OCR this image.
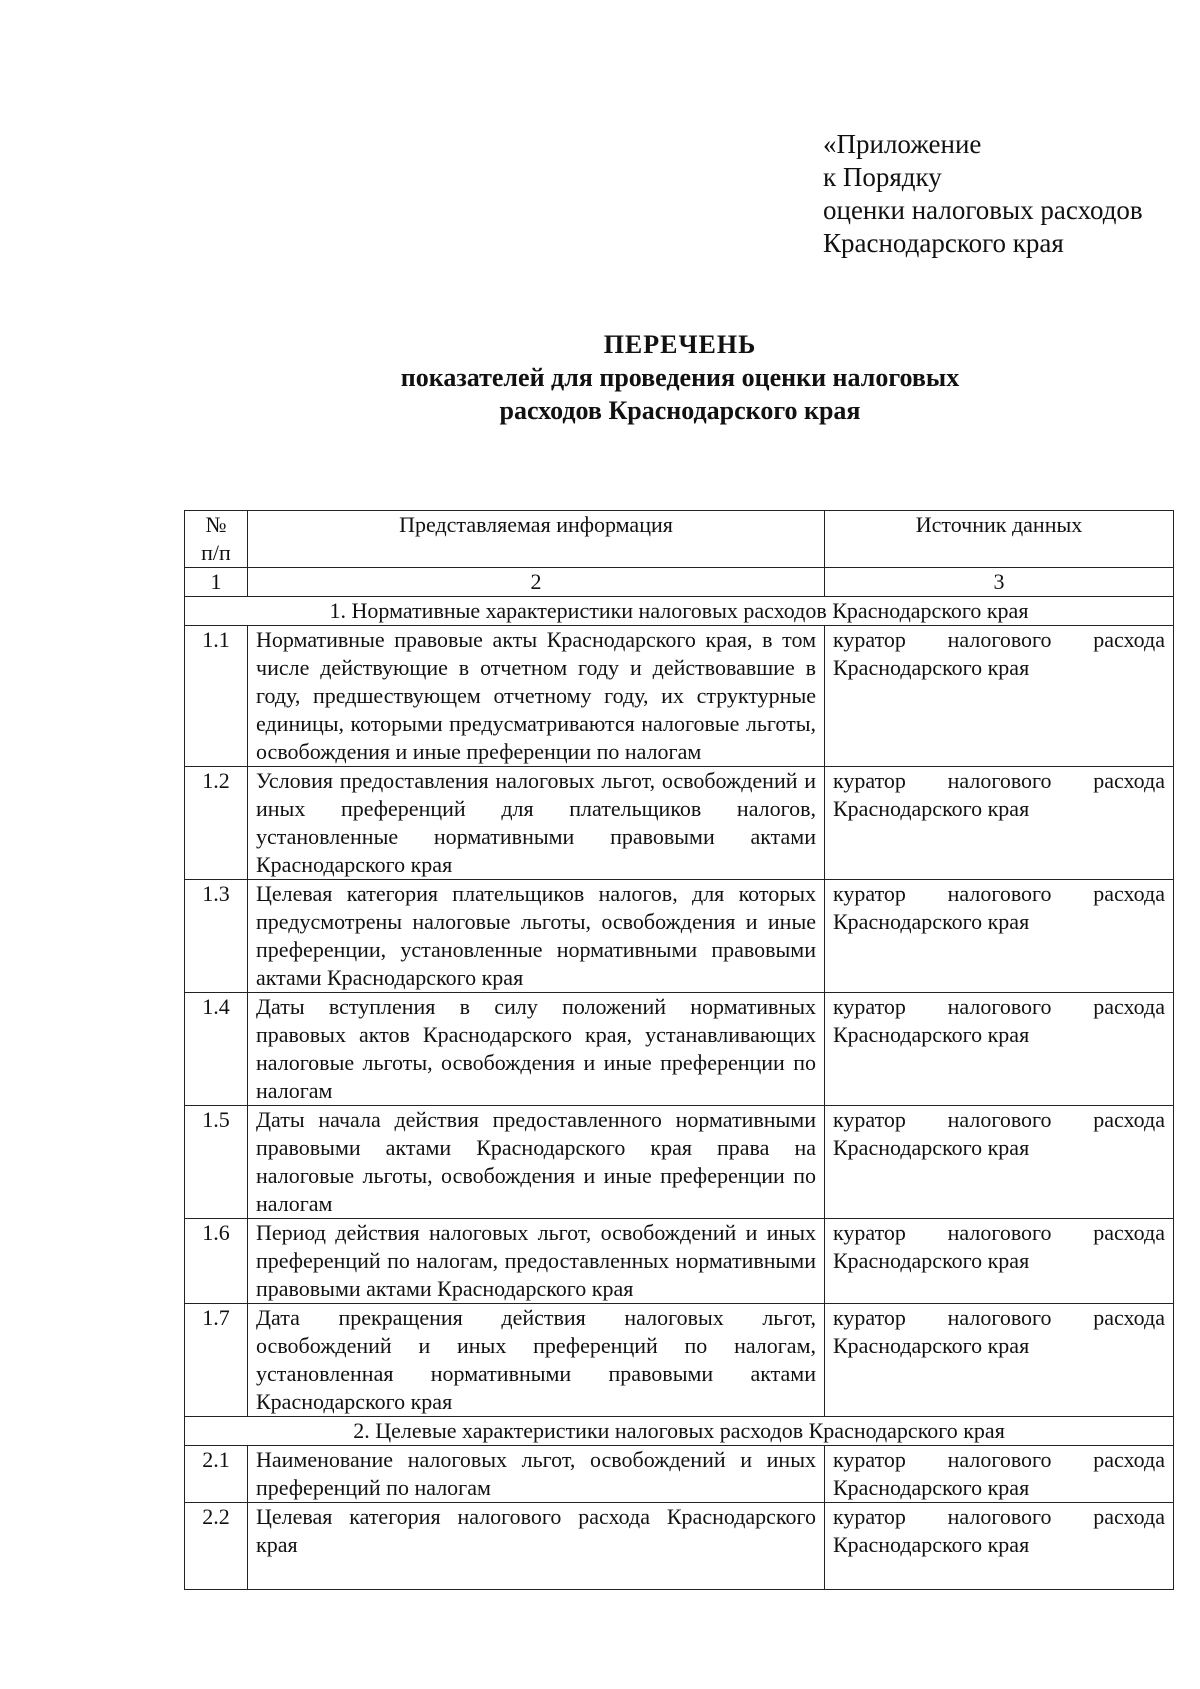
«Приложение
к Порядку
оценки налоговых расходов
Краснодарского края
ПЕРЕЧЕНЬ
показателей для проведения оценки налоговых
расходов Краснодарского края
№
п/п	Представляемая информация	Источник данных
1	2	3
1. Нормативные характеристики налоговых расходов Краснодарского края		
1.1	Нормативные правовые акты Краснодарского края, в том числе действующие в отчетном году и действовавшие в году, предшествующем отчетному году, их структурные единицы, которыми предусматриваются налоговые льготы, освобождения и иные преференции по налогам	куратор налогового расхода Краснодарского края
1.2	Условия предоставления налоговых льгот, освобождений и иных преференций для плательщиков налогов, установленные нормативными правовыми актами Краснодарского края	куратор налогового расхода Краснодарского края
1.3	Целевая категория плательщиков налогов, для которых предусмотрены налоговые льготы, освобождения и иные преференции, установленные нормативными правовыми актами Краснодарского края	куратор налогового расхода Краснодарского края
1.4	Даты вступления в силу положений нормативных правовых актов Краснодарского края, устанавливающих налоговые льготы, освобождения и иные преференции по налогам	куратор налогового расхода Краснодарского края
1.5	Даты начала действия предоставленного нормативными правовыми актами Краснодарского края права на налоговые льготы, освобождения и иные преференции по налогам	куратор налогового расхода Краснодарского края
1.6	Период действия налоговых льгот, освобождений и иных преференций по налогам, предоставленных нормативными правовыми актами Краснодарского края	куратор налогового расхода Краснодарского края
1.7	Дата прекращения действия налоговых льгот, освобождений и иных преференций по налогам, установленная нормативными правовыми актами Краснодарского края	куратор налогового расхода Краснодарского края
2. Целевые характеристики налоговых расходов Краснодарского края		
2.1	Наименование налоговых льгот, освобождений и иных преференций по налогам	куратор налогового расхода Краснодарского края
2.2	Целевая категория налогового расхода Краснодарского края	куратор налогового расхода Краснодарского края
